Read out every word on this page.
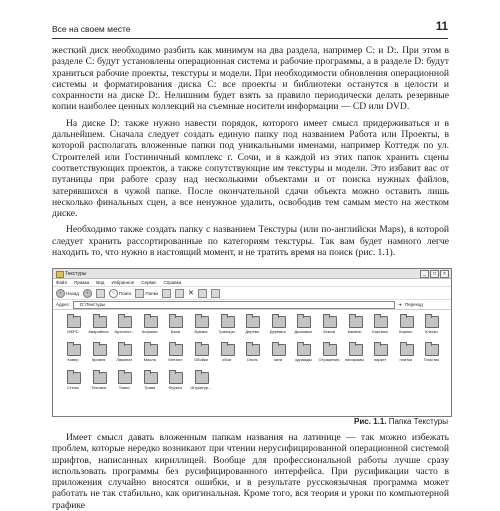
Все на своем месте	11

жесткий диск необходимо разбить как минимум на два раздела, например C: и D:. При этом в разделе C: будут установлены операционная система и рабочие программы, а в разделе D: будут храниться рабочие проекты, текстуры и модели. При необходимости обновления операционной системы и форматирования диска C: все проекты и библиотеки останутся в целости и сохранности на диске D:. Нелишним будет взять за правило периодически делать резервные копии наиболее ценных коллекций на съемные носители информации — CD или DVD.

На диске D: также нужно навести порядок, которого имеет смысл придерживаться и в дальнейшем. Сначала следует создать единую папку под названием Работа или Проекты, в которой располагать вложенные папки под уникальными именами, например Коттедж по ул. Строителей или Гостиничный комплекс г. Сочи, и в каждой из этих папок хранить сцены соответствующих проектов, а также сопутствующие им текстуры и модели. Это избавит вас от путаницы при работе сразу над несколькими объектами и от поиска нужных файлов, затерявшихся в чужой папке. После окончательной сдачи объекта можно оставить лишь несколько финальных сцен, а все ненужное удалить, освободив тем самым место на жестком диске.

Необходимо также создать папку с названием Текстуры (или по-английски Maps), в которой следует хранить рассортированные по категориям текстуры. Так вам будет намного легче находить то, что нужно в настоящий момент, и не тратить время на поиск (рис. 1.1).

Текстуры	_	□	×
Файл Правка Вид Избранное Сервис Справка
‹	Назад	›	○ Поиск	Папки	✕
Адрес: D:\Текстуры	➔ Переход
МЕРС	Аварийное	Архитект...	Асфальт	Бани	Бумага	Границы	Дерево	Деревья	Дымовые	Земля	Камень	Картины	Кирпич	Клетки
Ковер	Кровля	Ламинат	Масла	Металл	Обойки	обои	Огонь	окна	однажды	Отражения	панорамы	паркет	плитка	Пластик
Стены	Техника	Ткани	Трава	Фрукты	Штукатур...
Рис. 1.1. Папка Текстуры

Имеет смысл давать вложенным папкам названия на латинице — так можно избежать проблем, которые нередко возникают при чтении нерусифицированной операционной системой шрифтов, написанных кириллицей. Вообще для профессиональной работы лучше сразу использовать программы без русифицированного интерфейса. При русификации часто в приложения случайно вносятся ошибки, и в результате русскоязычная программа может работать не так стабильно, как оригинальная. Кроме того, вся теория и уроки по компьютерной графике
